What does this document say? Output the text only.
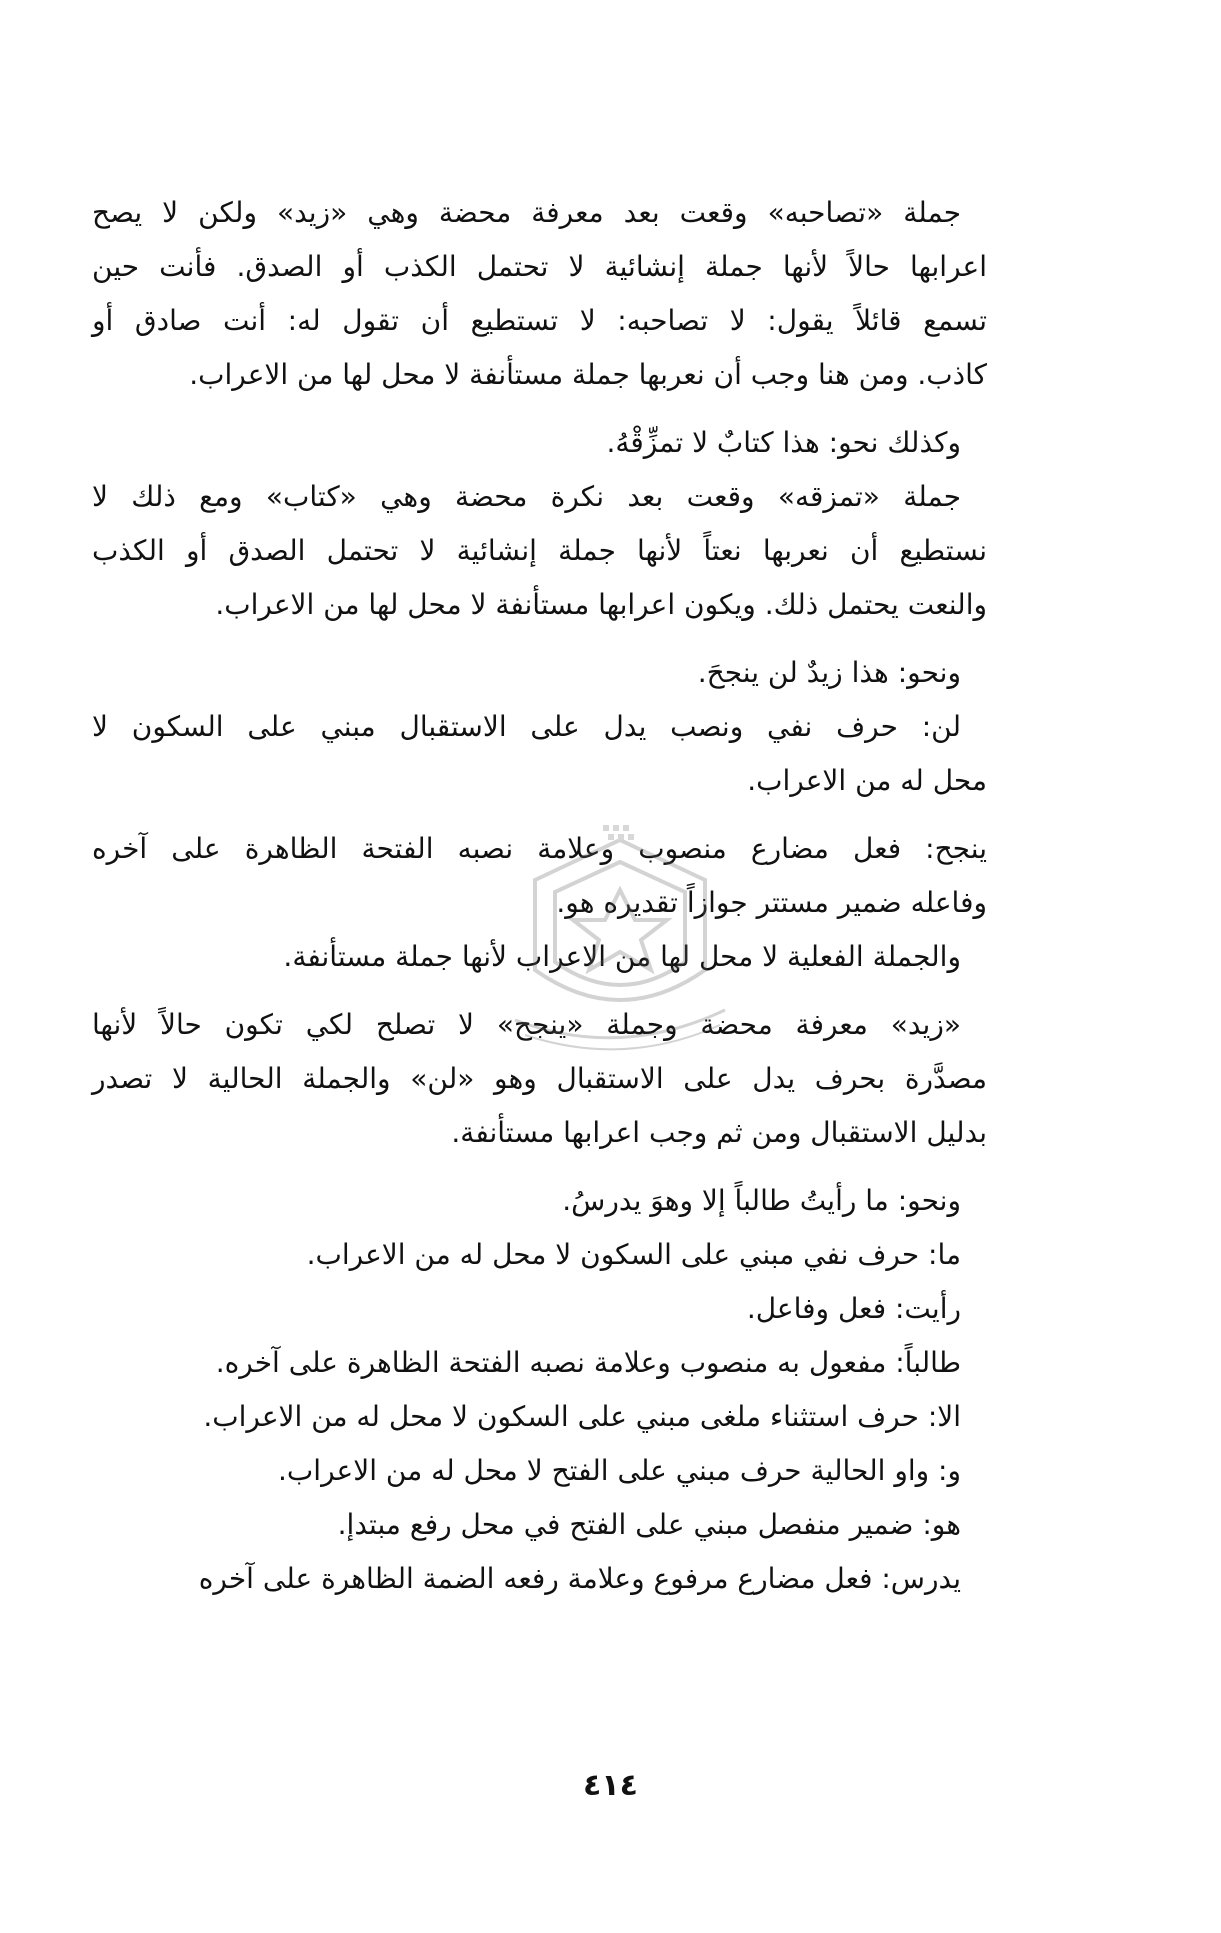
جملة «تصاحبه» وقعت بعد معرفة محضة وهي «زيد» ولكن لا يصح
اعرابها حالاً لأنها جملة إنشائية لا تحتمل الكذب أو الصدق. فأنت حين
تسمع قائلاً يقول: لا تصاحبه: لا تستطيع أن تقول له: أنت صادق أو
كاذب. ومن هنا وجب أن نعربها جملة مستأنفة لا محل لها من الاعراب.
وكذلك نحو: هذا كتابٌ لا تمزِّقْهُ.
جملة «تمزقه» وقعت بعد نكرة محضة وهي «كتاب» ومع ذلك لا
نستطيع أن نعربها نعتاً لأنها جملة إنشائية لا تحتمل الصدق أو الكذب
والنعت يحتمل ذلك. ويكون اعرابها مستأنفة لا محل لها من الاعراب.
ونحو: هذا زيدٌ لن ينجحَ.
لن: حرف نفي ونصب يدل على الاستقبال مبني على السكون لا
محل له من الاعراب.
ينجح: فعل مضارع منصوب وعلامة نصبه الفتحة الظاهرة على آخره
وفاعله ضمير مستتر جوازاً تقديره هو.
والجملة الفعلية لا محل لها من الاعراب لأنها جملة مستأنفة.
«زيد» معرفة محضة وجملة «ينجح» لا تصلح لكي تكون حالاً لأنها
مصدَّرة بحرف يدل على الاستقبال وهو «لن» والجملة الحالية لا تصدر
بدليل الاستقبال ومن ثم وجب اعرابها مستأنفة.
ونحو: ما رأيتُ طالباً إلا وهوَ يدرسُ.
ما: حرف نفي مبني على السكون لا محل له من الاعراب.
رأيت: فعل وفاعل.
طالباً: مفعول به منصوب وعلامة نصبه الفتحة الظاهرة على آخره.
الا: حرف استثناء ملغى مبني على السكون لا محل له من الاعراب.
و: واو الحالية حرف مبني على الفتح لا محل له من الاعراب.
هو: ضمير منفصل مبني على الفتح في محل رفع مبتدإ.
يدرس: فعل مضارع مرفوع وعلامة رفعه الضمة الظاهرة على آخره
٤١٤
